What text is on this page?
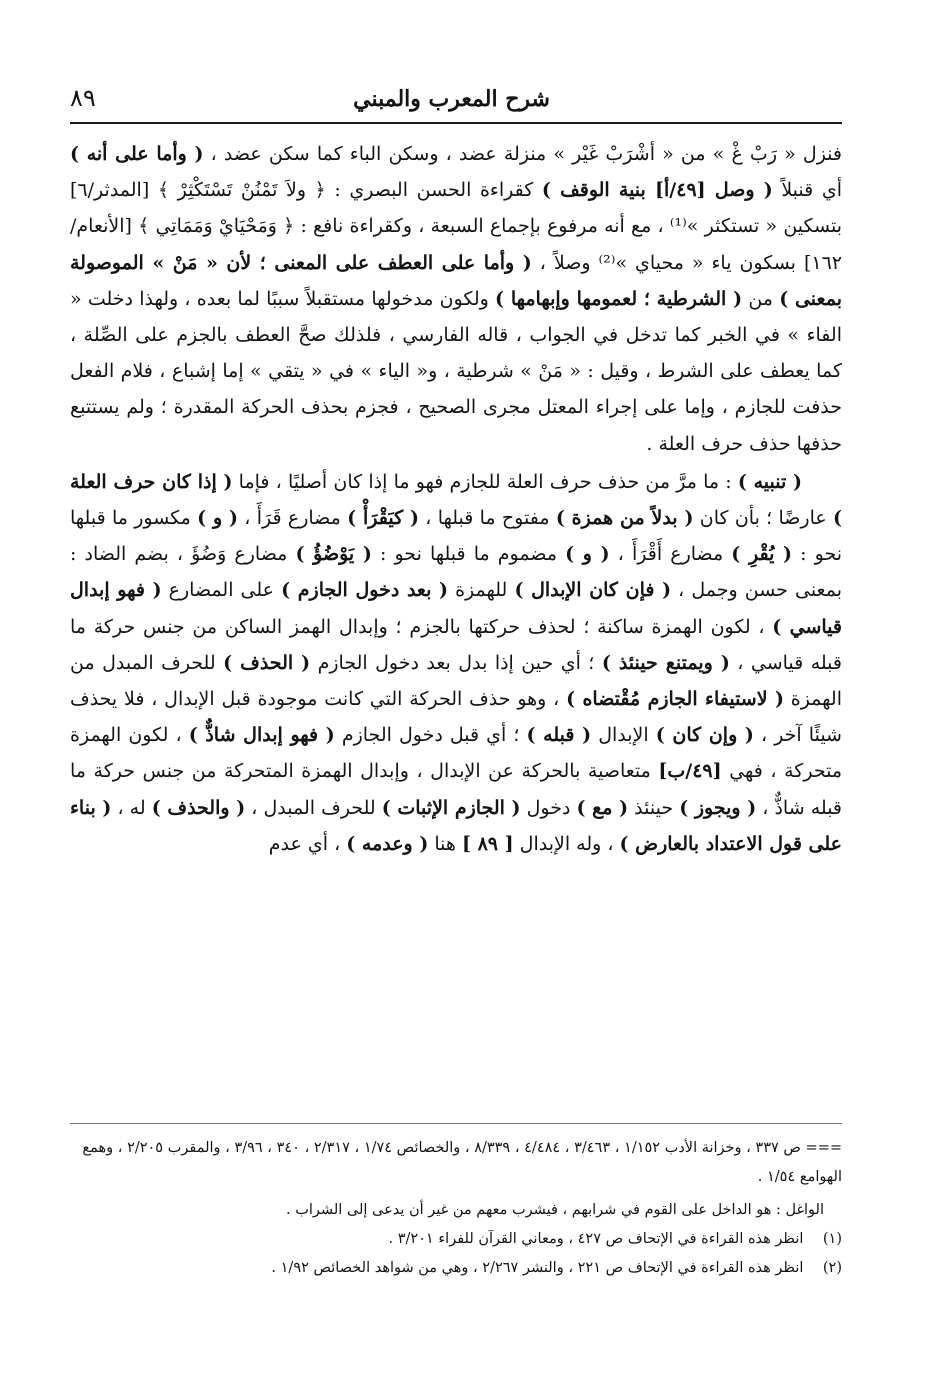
شرح المعرب والمبني
٨٩

فنزل « رَبْ غْ » من « أشْرَبْ غَيْر » منزلة عضد ، وسكن الباء كما سكن عضد ، ( وأما على أنه ) أي قنبلاً ( وصل [٤٩/أ] بنية الوقف ) كقراءة الحسن البصري : ﴿ ولاَ تَمْنُنْ تَسْتَكْثِرْ ﴾ [المدثر/٦] بتسكين « تستكثر »⁽¹⁾ ، مع أنه مرفوع بإجماع السبعة ، وكقراءة نافع : ﴿ وَمَحْيَايْ وَمَمَاتِي ﴾ [الأنعام/١٦٢] بسكون ياء « محياي »⁽²⁾ وصلاً ، ( وأما على العطف على المعنى ؛ لأن « مَنْ » الموصولة بمعنى ) من ( الشرطية ؛ لعمومها وإبهامها ) ولكون مدخولها مستقبلاً سببًا لما بعده ، ولهذا دخلت « الفاء » في الخبر كما تدخل في الجواب ، قاله الفارسي ، فلذلك صحَّ العطف بالجزم على الصِّلة ، كما يعطف على الشرط ، وقيل : « مَنْ » شرطية ، و« الياء » في « يتقي » إما إشباع ، فلام الفعل حذفت للجازم ، وإما على إجراء المعتل مجرى الصحيح ، فجزم بحذف الحركة المقدرة ؛ ولم يستتبع حذفها حذف حرف العلة .

( تنبيه ) : ما مرَّ من حذف حرف العلة للجازم فهو ما إذا كان أصليًا ، فإما ( إذا كان حرف العلة ) عارضًا ؛ بأن كان ( بدلاً من همزة ) مفتوح ما قبلها ، ( كيَقْرَأْ ) مضارع قَرَأَ ، ( و ) مكسور ما قبلها نحو : ( يُقْرِ ) مضارع أَقْرَأَ ، ( و ) مضموم ما قبلها نحو : ( يَوْضُؤُ ) مضارع وَضُؤَ ، بضم الضاد : بمعنى حسن وجمل ، ( فإن كان الإبدال ) للهمزة ( بعد دخول الجازم ) على المضارع ( فهو إبدال قياسي ) ، لكون الهمزة ساكنة ؛ لحذف حركتها بالجزم ؛ وإبدال الهمز الساكن من جنس حركة ما قبله قياسي ، ( ويمتنع حينئذ ) ؛ أي حين إذا بدل بعد دخول الجازم ( الحذف ) للحرف المبدل من الهمزة ( لاستيفاء الجازم مُقْتضاه ) ، وهو حذف الحركة التي كانت موجودة قبل الإبدال ، فلا يحذف شيئًا آخر ، ( وإن كان ) الإبدال ( قبله ) ؛ أي قبل دخول الجازم ( فهو إبدال شاذٌّ ) ، لكون الهمزة متحركة ، فهي [٤٩/ب] متعاصية بالحركة عن الإبدال ، وإبدال الهمزة المتحركة من جنس حركة ما قبله شاذٌّ ، ( ويجوز ) حينئذ ( مع ) دخول ( الجازم الإثبات ) للحرف المبدل ، ( والحذف ) له ، ( بناء على قول الاعتداد بالعارض ) ، وله الإبدال [ ٨٩ ] هنا ( وعدمه ) ، أي عدم

=== ص ٣٣٧ ، وخزانة الأدب ١/١٥٢ ، ٣/٤٦٣ ، ٤/٤٨٤ ، ٨/٣٣٩ ، والخصائص ١/٧٤ ، ٢/٣١٧ ، ٣٤٠ ، ٣/٩٦ ، والمقرب ٢/٢٠٥ ، وهمع الهوامع ١/٥٤ .

الواغل : هو الداخل على القوم في شرابهم ، فيشرب معهم من غير أن يدعى إلى الشراب .

(١) انظر هذه القراءة في الإتحاف ص ٤٢٧ ، ومعاني القرآن للفراء ٣/٢٠١ .

(٢) انظر هذه القراءة في الإتحاف ص ٢٢١ ، والنشر ٢/٢٦٧ ، وهي من شواهد الخصائص ١/٩٢ .
